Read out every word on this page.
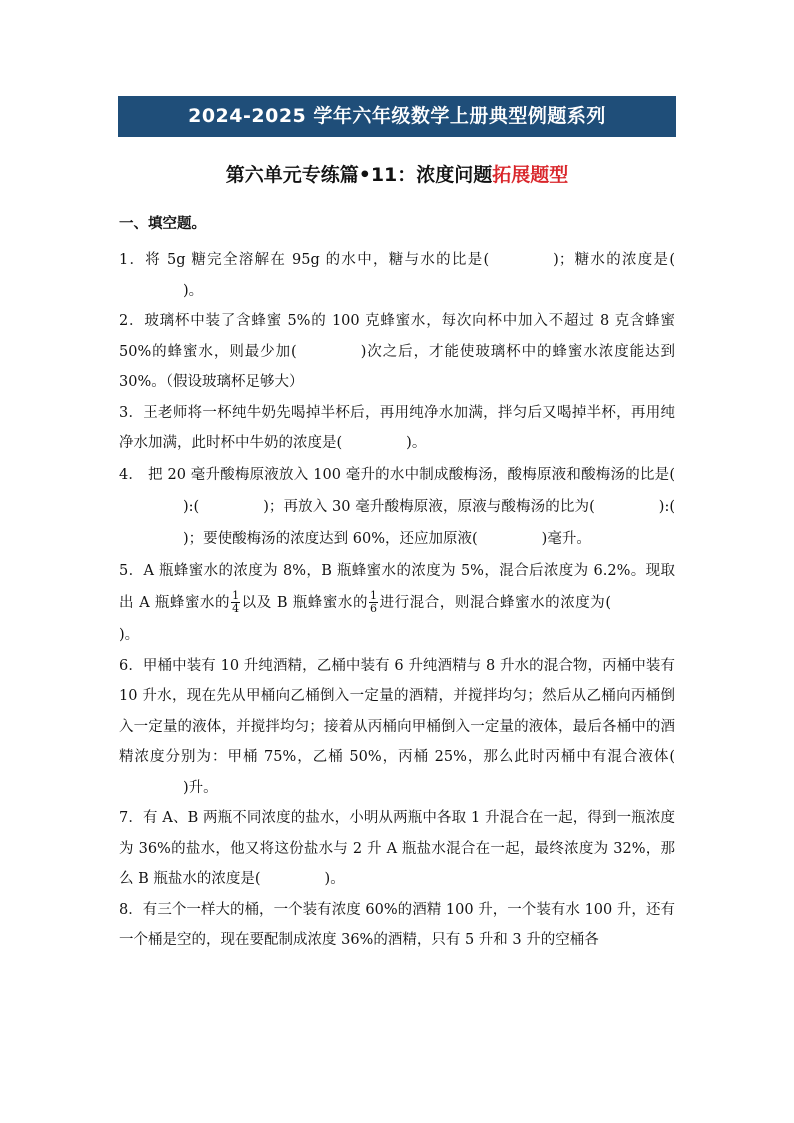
2024-2025 学年六年级数学上册典型例题系列
第六单元专练篇•11：浓度问题拓展题型
一、填空题。

1．将 5g 糖完全溶解在 95g 的水中，糖与水的比是(	)；糖水的浓度是()。

2．玻璃杯中装了含蜂蜜 5%的 100 克蜂蜜水，每次向杯中加入不超过 8 克含蜂蜜 50%的蜂蜜水，则最少加(	)次之后，才能使玻璃杯中的蜂蜜水浓度能达到 30%。（假设玻璃杯足够大）

3．王老师将一杯纯牛奶先喝掉半杯后，再用纯净水加满，拌匀后又喝掉半杯，再用纯净水加满，此时杯中牛奶的浓度是(	)。

4． 把 20 毫升酸梅原液放入 100 毫升的水中制成酸梅汤，酸梅原液和酸梅汤的比是():(	)；再放入 30 毫升酸梅原液，原液与酸梅汤的比为(	):()；要使酸梅汤的浓度达到 60%，还应加原液(	)毫升。

5．A 瓶蜂蜜水的浓度为 8%，B 瓶蜂蜜水的浓度为 5%，混合后浓度为 6.2%。现取出 A 瓶蜂蜜水的 $\frac{1}{4}$ 以及 B 瓶蜂蜜水的 $\frac{1}{6}$ 进行混合，则混合蜂蜜水的浓度为()。

6．甲桶中装有 10 升纯酒精，乙桶中装有 6 升纯酒精与 8 升水的混合物，丙桶中装有 10 升水，现在先从甲桶向乙桶倒入一定量的酒精，并搅拌均匀；然后从乙桶向丙桶倒入一定量的液体，并搅拌均匀；接着从丙桶向甲桶倒入一定量的液体，最后各桶中的酒精浓度分别为：甲桶 75%，乙桶 50%，丙桶 25%，那么此时丙桶中有混合液体()升。

7．有 A、B 两瓶不同浓度的盐水，小明从两瓶中各取 1 升混合在一起，得到一瓶浓度为 36%的盐水，他又将这份盐水与 2 升 A 瓶盐水混合在一起，最终浓度为 32%，那么 B 瓶盐水的浓度是(	)。

8．有三个一样大的桶，一个装有浓度 60%的酒精 100 升，一个装有水 100 升，还有一个桶是空的，现在要配制成浓度 36%的酒精，只有 5 升和 3 升的空桶各
